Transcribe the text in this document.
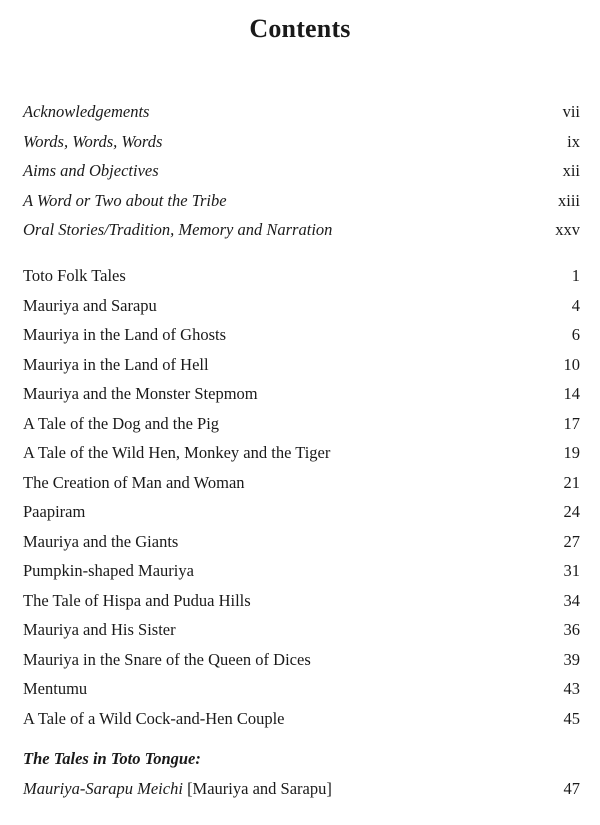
Contents
Acknowledgements	vii
Words, Words, Words	ix
Aims and Objectives	xii
A Word or Two about the Tribe	xiii
Oral Stories/Tradition, Memory and Narration	xxv
Toto Folk Tales	1
Mauriya and Sarapu	4
Mauriya in the Land of Ghosts	6
Mauriya in the Land of Hell	10
Mauriya and the Monster Stepmom	14
A Tale of the Dog and the Pig	17
A Tale of the Wild Hen, Monkey and the Tiger	19
The Creation of Man and Woman	21
Paapiram	24
Mauriya and the Giants	27
Pumpkin-shaped Mauriya	31
The Tale of Hispa and Pudua Hills	34
Mauriya and His Sister	36
Mauriya in the Snare of the Queen of Dices	39
Mentumu	43
A Tale of a Wild Cock-and-Hen Couple	45
The Tales in Toto Tongue:
Mauriya-Sarapu Meichi [Mauriya and Sarapu]	47
